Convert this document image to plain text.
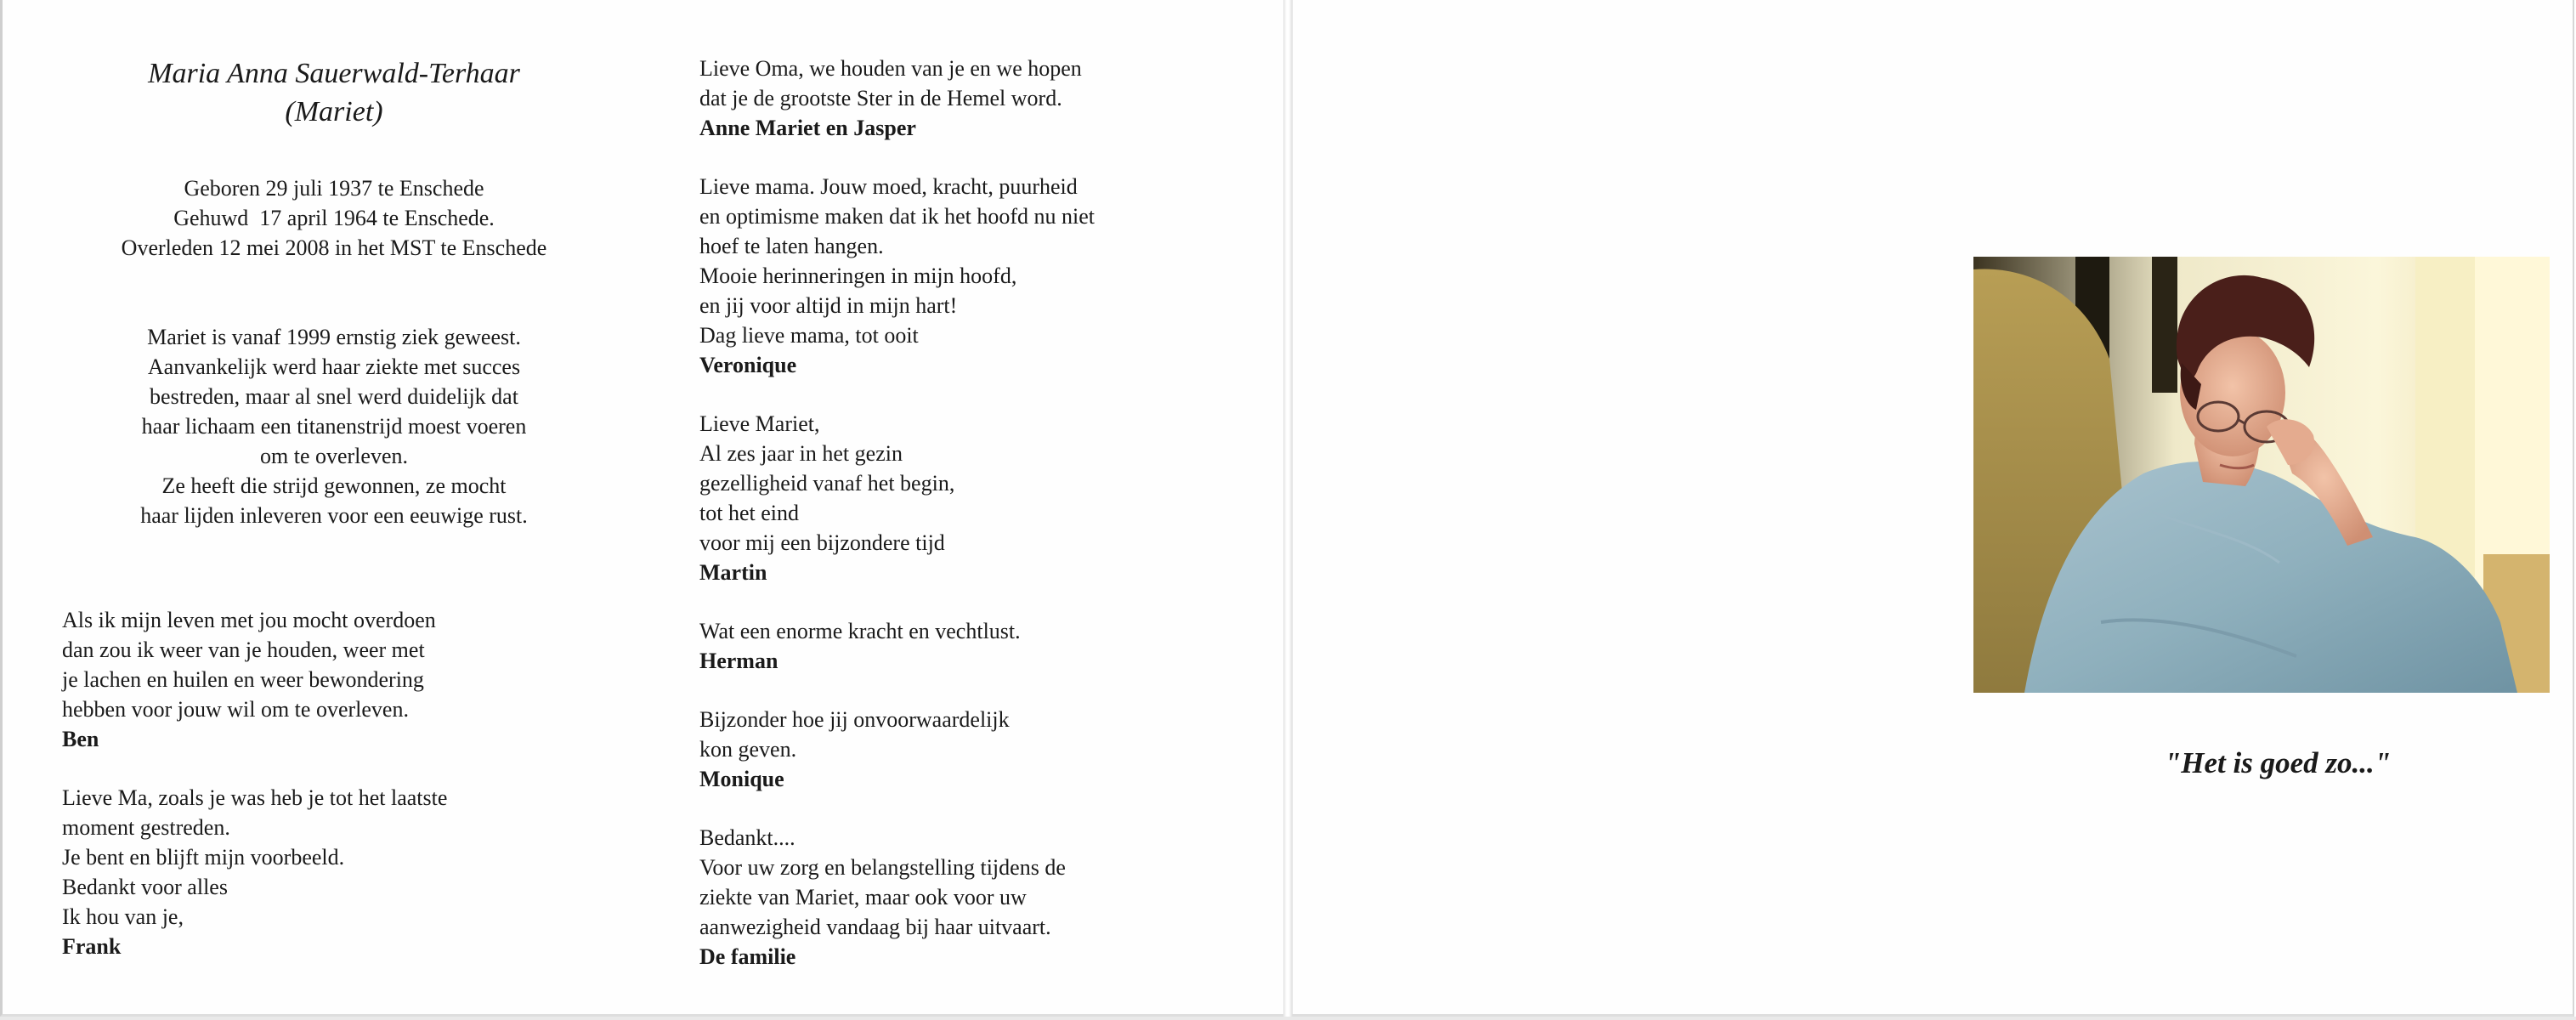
Maria Anna Sauerwald-Terhaar

(Mariet)

Geboren 29 juli 1937 te Enschede

Gehuwd  17 april 1964 te Enschede.

Overleden 12 mei 2008 in het MST te Enschede

Mariet is vanaf 1999 ernstig ziek geweest.

Aanvankelijk werd haar ziekte met succes

bestreden, maar al snel werd duidelijk dat

haar lichaam een titanenstrijd moest voeren

om te overleven.

Ze heeft die strijd gewonnen, ze mocht

haar lijden inleveren voor een eeuwige rust.

Als ik mijn leven met jou mocht overdoen

dan zou ik weer van je houden, weer met

je lachen en huilen en weer bewondering

hebben voor jouw wil om te overleven.

Ben

Lieve Ma, zoals je was heb je tot het laatste

moment gestreden.

Je bent en blijft mijn voorbeeld.

Bedankt voor alles

Ik hou van je,

Frank

Lieve Oma, we houden van je en we hopen

dat je de grootste Ster in de Hemel word.

Anne Mariet en Jasper

Lieve mama. Jouw moed, kracht, puurheid

en optimisme maken dat ik het hoofd nu niet

hoef te laten hangen.

Mooie herinneringen in mijn hoofd,

en jij voor altijd in mijn hart!

Dag lieve mama, tot ooit

Veronique

Lieve Mariet,

Al zes jaar in het gezin

gezelligheid vanaf het begin,

tot het eind

voor mij een bijzondere tijd

Martin

Wat een enorme kracht en vechtlust.

Herman

Bijzonder hoe jij onvoorwaardelijk

kon geven.

Monique

Bedankt....

Voor uw zorg en belangstelling tijdens de

ziekte van Mariet, maar ook voor uw

aanwezigheid vandaag bij haar uitvaart.

De familie

"Het is goed zo..."
